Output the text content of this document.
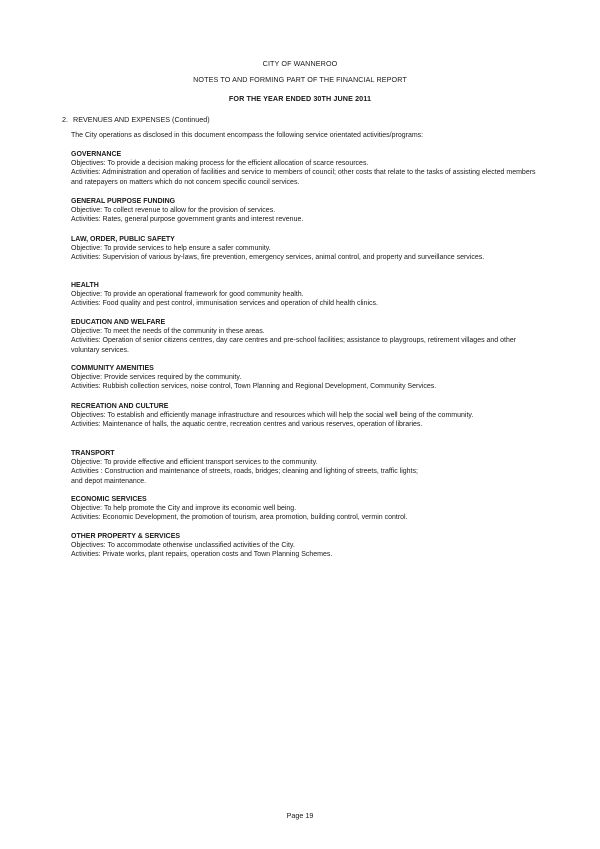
CITY OF WANNEROO
NOTES TO AND FORMING PART OF THE FINANCIAL REPORT
FOR THE YEAR ENDED 30TH JUNE 2011
2. REVENUES AND EXPENSES (Continued)
The City operations as disclosed in this document encompass the following service orientated activities/programs:
GOVERNANCE
Objectives: To provide a decision making process for the efficient allocation of scarce resources.
Activities: Administration and operation of facilities and service to members of council; other costs that relate to the tasks of assisting elected members and ratepayers on matters which do not concern specific council services.
GENERAL PURPOSE FUNDING
Objective: To collect revenue to allow for the provision of services.
Activities: Rates, general purpose government grants and interest revenue.
LAW, ORDER, PUBLIC SAFETY
Objective: To provide services to help ensure a safer community.
Activities: Supervision of various by-laws, fire prevention, emergency services, animal control, and property and surveillance services.
HEALTH
Objective: To provide an operational framework for good community health.
Activities: Food quality and pest control, immunisation services and operation of child health clinics.
EDUCATION AND WELFARE
Objective: To meet the needs of the community in these areas.
Activities: Operation of senior citizens centres, day care centres and pre-school facilities; assistance to playgroups, retirement villages and other voluntary services.
COMMUNITY AMENITIES
Objective: Provide services required by the community.
Activities: Rubbish collection services, noise control, Town Planning and Regional Development, Community Services.
RECREATION AND CULTURE
Objectives: To establish and efficiently manage infrastructure and resources which will help the social well being of the community.
Activities: Maintenance of halls, the aquatic centre, recreation centres and various reserves, operation of libraries.
TRANSPORT
Objective: To provide effective and efficient transport services to the community.
Activities : Construction and maintenance of streets, roads, bridges; cleaning and lighting of streets, traffic lights;
and depot maintenance.
ECONOMIC SERVICES
Objective: To help promote the City and improve its economic well being.
Activities: Economic Development, the promotion of tourism, area promotion, building control, vermin control.
OTHER PROPERTY & SERVICES
Objectives: To accommodate otherwise unclassified activities of the City.
Activities: Private works, plant repairs, operation costs and Town Planning Schemes.
Page 19
